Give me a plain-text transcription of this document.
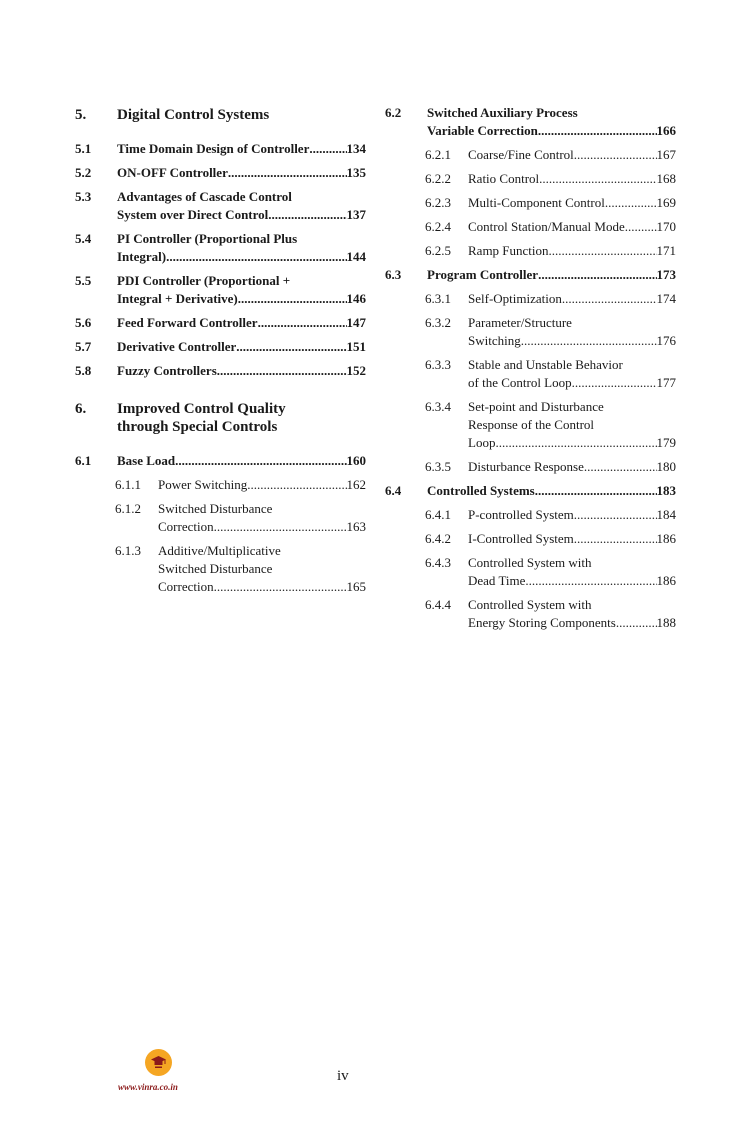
5. Digital Control Systems
5.1 Time Domain Design of Controller .....	134
5.2 ON-OFF Controller .....	135
5.3 Advantages of Cascade Control
System over Direct Control .....	137
5.4 PI Controller (Proportional Plus
Integral) .....	144
5.5 PDI Controller (Proportional +
Integral + Derivative) .....	146
5.6 Feed Forward Controller .....	147
5.7 Derivative Controller .....	151
5.8 Fuzzy Controllers .....	152
6. Improved Control Quality
through Special Controls
6.1 Base Load .....	160
6.1.1 Power Switching .....	162
6.1.2 Switched Disturbance
Correction .....	163
6.1.3 Additive/Multiplicative
Switched Disturbance
Correction .....	165
6.2 Switched Auxiliary Process
Variable Correction .....	166
6.2.1 Coarse/Fine Control .....	167
6.2.2 Ratio Control .....	168
6.2.3 Multi-Component Control .....	169
6.2.4 Control Station/Manual Mode ..... 170
6.2.5 Ramp Function .....	171
6.3 Program Controller .....	173
6.3.1 Self-Optimization .....	174
6.3.2 Parameter/Structure
Switching .....	176
6.3.3 Stable and Unstable Behavior
of the Control Loop .....	177
6.3.4 Set-point and Disturbance
Response of the Control
Loop .....	179
6.3.5 Disturbance Response .....	180
6.4 Controlled Systems .....	183
6.4.1 P-controlled System .....	184
6.4.2 I-Controlled System .....	186
6.4.3 Controlled System with
Dead Time .....	186
6.4.4 Controlled System with
Energy Storing Components .....	188
www.vinra.co.in
iv
